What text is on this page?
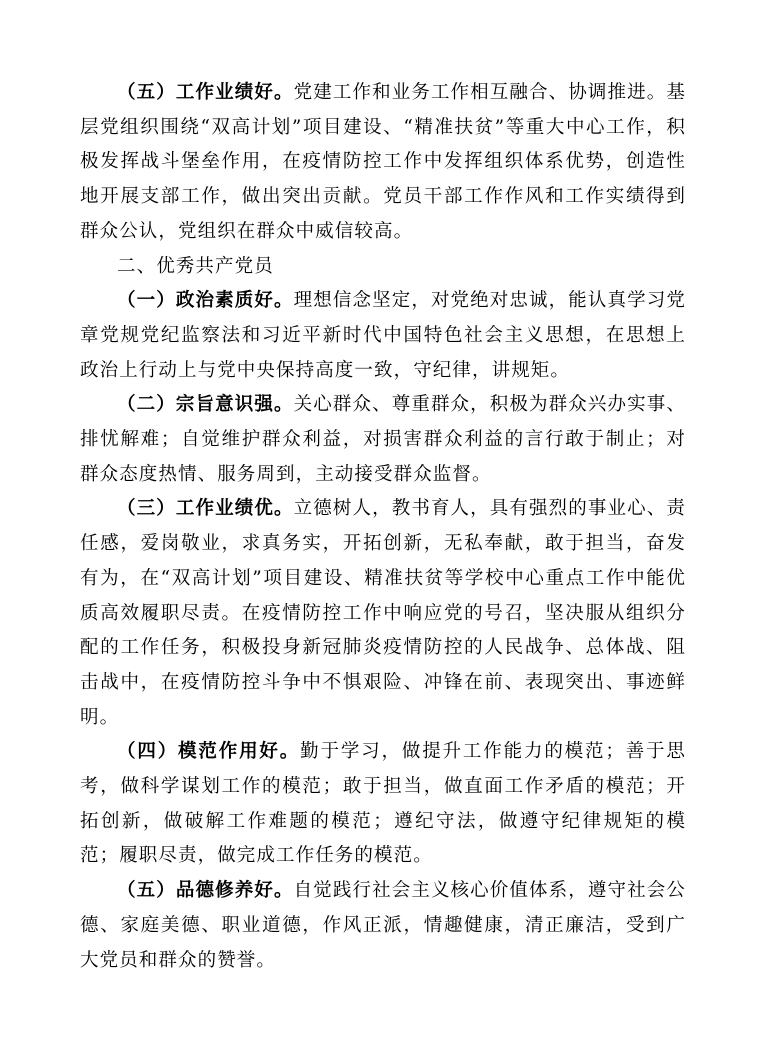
（五）工作业绩好。党建工作和业务工作相互融合、协调推进。基层党组织围绕“双高计划”项目建设、“精准扶贫”等重大中心工作，积极发挥战斗堡垒作用，在疫情防控工作中发挥组织体系优势，创造性地开展支部工作，做出突出贡献。党员干部工作作风和工作实绩得到群众公认，党组织在群众中威信较高。

二、优秀共产党员

（一）政治素质好。理想信念坚定，对党绝对忠诚，能认真学习党章党规党纪监察法和习近平新时代中国特色社会主义思想，在思想上政治上行动上与党中央保持高度一致，守纪律，讲规矩。

（二）宗旨意识强。关心群众、尊重群众，积极为群众兴办实事、排忧解难；自觉维护群众利益，对损害群众利益的言行敢于制止；对群众态度热情、服务周到，主动接受群众监督。

（三）工作业绩优。立德树人，教书育人，具有强烈的事业心、责任感，爱岗敬业，求真务实，开拓创新，无私奉献，敢于担当，奋发有为，在“双高计划”项目建设、精准扶贫等学校中心重点工作中能优质高效履职尽责。在疫情防控工作中响应党的号召，坚决服从组织分配的工作任务，积极投身新冠肺炎疫情防控的人民战争、总体战、阻击战中，在疫情防控斗争中不惧艰险、冲锋在前、表现突出、事迹鲜明。

（四）模范作用好。勤于学习，做提升工作能力的模范；善于思考，做科学谋划工作的模范；敢于担当，做直面工作矛盾的模范；开拓创新，做破解工作难题的模范；遵纪守法，做遵守纪律规矩的模范；履职尽责，做完成工作任务的模范。

（五）品德修养好。自觉践行社会主义核心价值体系，遵守社会公德、家庭美德、职业道德，作风正派，情趣健康，清正廉洁，受到广大党员和群众的赞誉。
